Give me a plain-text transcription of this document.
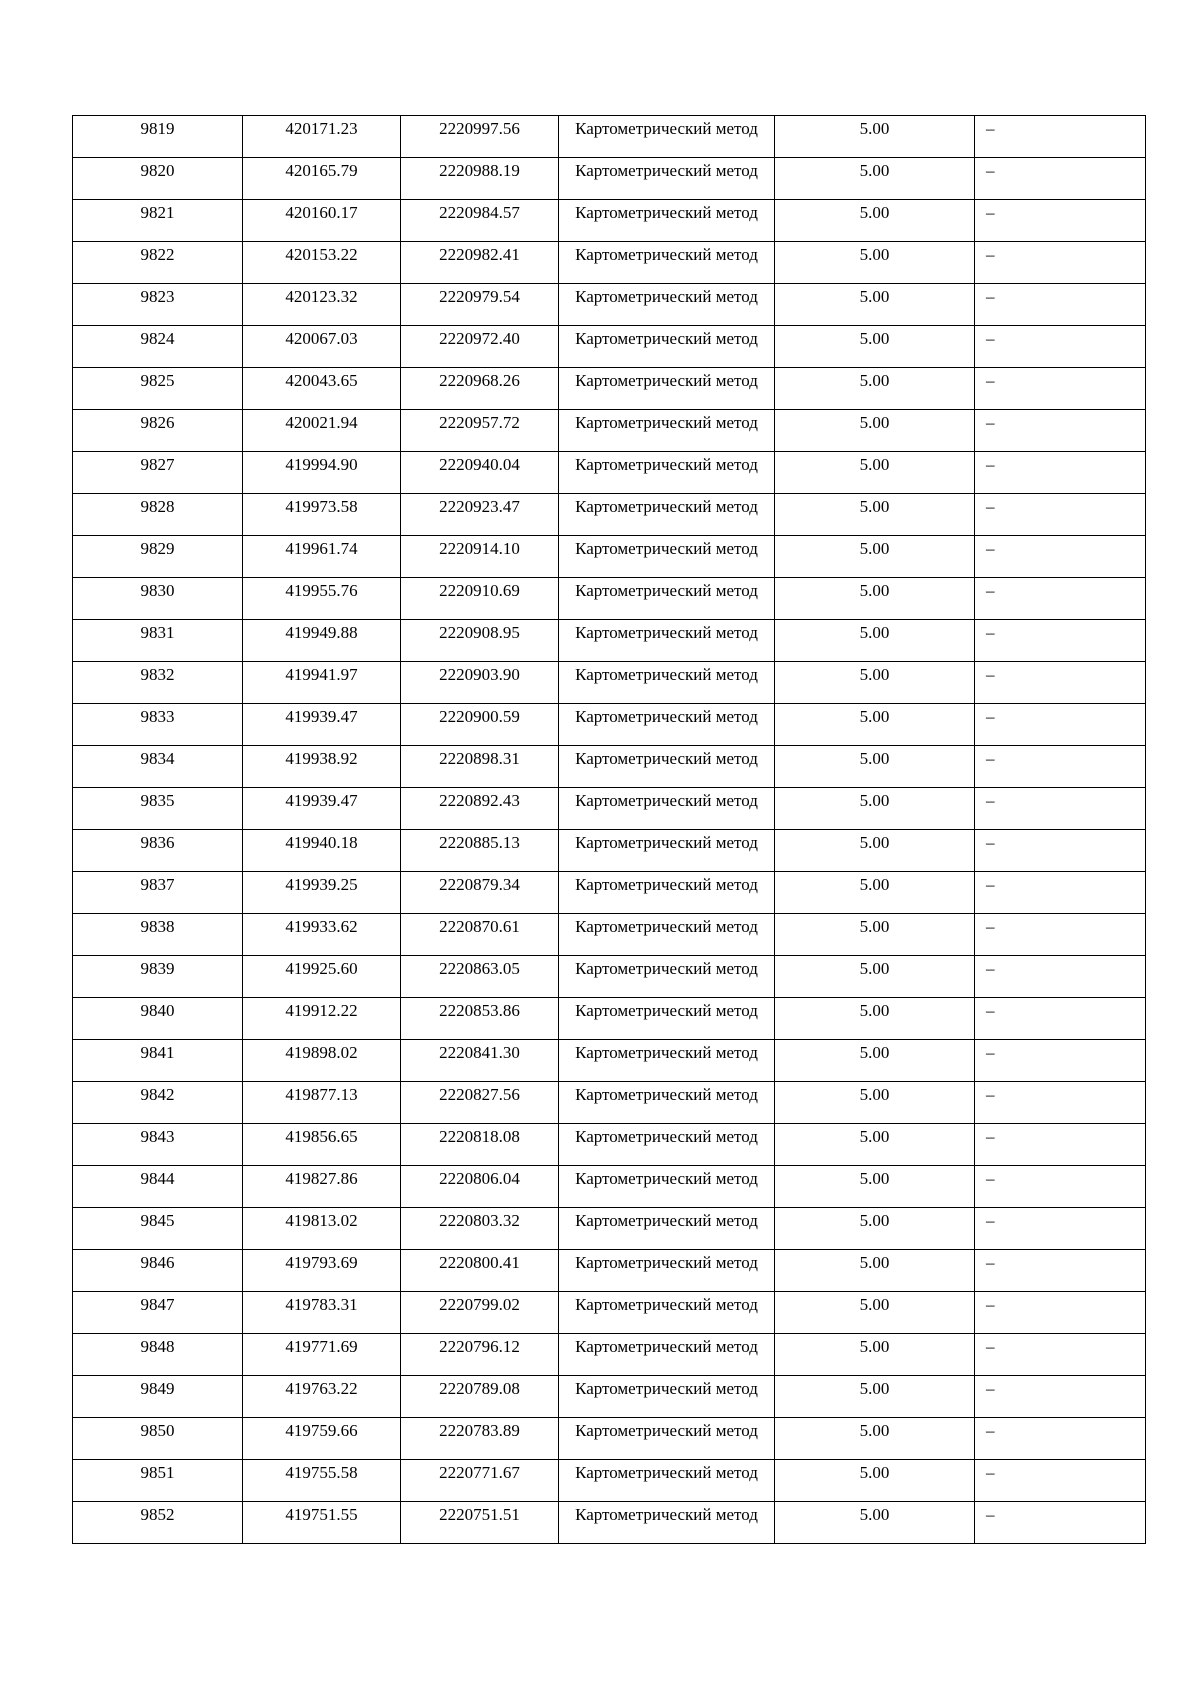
9819	420171.23	2220997.56	Картометрический метод	5.00	–

9820	420165.79	2220988.19	Картометрический метод	5.00	–

9821	420160.17	2220984.57	Картометрический метод	5.00	–

9822	420153.22	2220982.41	Картометрический метод	5.00	–

9823	420123.32	2220979.54	Картометрический метод	5.00	–

9824	420067.03	2220972.40	Картометрический метод	5.00	–

9825	420043.65	2220968.26	Картометрический метод	5.00	–

9826	420021.94	2220957.72	Картометрический метод	5.00	–

9827	419994.90	2220940.04	Картометрический метод	5.00	–

9828	419973.58	2220923.47	Картометрический метод	5.00	–

9829	419961.74	2220914.10	Картометрический метод	5.00	–

9830	419955.76	2220910.69	Картометрический метод	5.00	–

9831	419949.88	2220908.95	Картометрический метод	5.00	–

9832	419941.97	2220903.90	Картометрический метод	5.00	–

9833	419939.47	2220900.59	Картометрический метод	5.00	–

9834	419938.92	2220898.31	Картометрический метод	5.00	–

9835	419939.47	2220892.43	Картометрический метод	5.00	–

9836	419940.18	2220885.13	Картометрический метод	5.00	–

9837	419939.25	2220879.34	Картометрический метод	5.00	–

9838	419933.62	2220870.61	Картометрический метод	5.00	–

9839	419925.60	2220863.05	Картометрический метод	5.00	–

9840	419912.22	2220853.86	Картометрический метод	5.00	–

9841	419898.02	2220841.30	Картометрический метод	5.00	–

9842	419877.13	2220827.56	Картометрический метод	5.00	–

9843	419856.65	2220818.08	Картометрический метод	5.00	–

9844	419827.86	2220806.04	Картометрический метод	5.00	–

9845	419813.02	2220803.32	Картометрический метод	5.00	–

9846	419793.69	2220800.41	Картометрический метод	5.00	–

9847	419783.31	2220799.02	Картометрический метод	5.00	–

9848	419771.69	2220796.12	Картометрический метод	5.00	–

9849	419763.22	2220789.08	Картометрический метод	5.00	–

9850	419759.66	2220783.89	Картометрический метод	5.00	–

9851	419755.58	2220771.67	Картометрический метод	5.00	–

9852	419751.55	2220751.51	Картометрический метод	5.00	–
